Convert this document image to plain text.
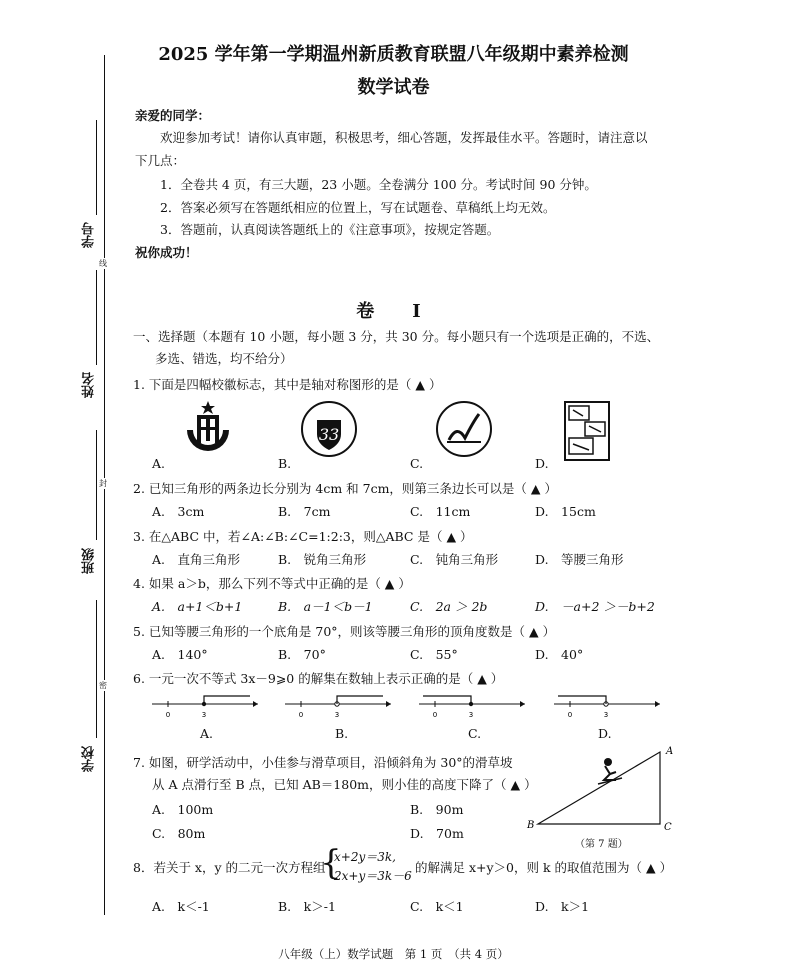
学号
姓名
班级
学校
线
封
密
2025 学年第一学期温州新质教育联盟八年级期中素养检测
数学试卷
亲爱的同学：
欢迎参加考试！请你认真审题，积极思考，细心答题，发挥最佳水平。答题时，请注意以
下几点：
1．全卷共 4 页，有三大题，23 小题。全卷满分 100 分。考试时间 90 分钟。
2．答案必须写在答题纸相应的位置上，写在试题卷、草稿纸上均无效。
3．答题前，认真阅读答题纸上的《注意事项》，按规定答题。
祝你成功！
卷　I
一、选择题（本题有 10 小题，每小题 3 分，共 30 分。每小题只有一个选项是正确的，不选、
多选、错选，均不给分）
1. 下面是四幅校徽标志，其中是轴对称图形的是（ ▲ ）
33
A.	B.	C.	D.
2. 已知三角形的两条边长分别为 4cm 和 7cm，则第三条边长可以是（ ▲ ）
A.　3cm	B.　7cm	C.　11cm	D.　15cm
3. 在△ABC 中，若∠A:∠B:∠C=1:2:3，则△ABC 是（ ▲ ）
A.　直角三角形	B.　锐角三角形	C.　钝角三角形	D.　等腰三角形
4. 如果 a＞b，那么下列不等式中正确的是（ ▲ ）
A.　a+1＜b+1	B.　a－1＜b－1	C.　2a ＞ 2b	D.　－a+2 ＞－b+2
5. 已知等腰三角形的一个底角是 70°，则该等腰三角形的顶角度数是（ ▲ ）
A.　140°	B.　70°	C.　55°	D.　40°
6. 一元一次不等式 3x－9⩾0 的解集在数轴上表示正确的是（ ▲ ）
0	3	0	3	0	3	0	3
A.	B.	C.	D.
7. 如图，研学活动中，小佳参与滑草项目，沿倾斜角为 30°的滑草坡
从 A 点滑行至 B 点，已知 AB＝180m，则小佳的高度下降了（ ▲ ）
A.　100m	B.　90m
C.　80m	D.　70m
A
B	C
（第 7 题）
8．若关于 x，y 的二元一次方程组
{
x+2y＝3k,
2x+y＝3k－6
的解满足 x+y＞0，则 k 的取值范围为（ ▲ ）
A.　k＜-1	B.　k＞-1	C.　k＜1	D.　k＞1
八年级（上）数学试题　第 1 页　（共 4 页）
